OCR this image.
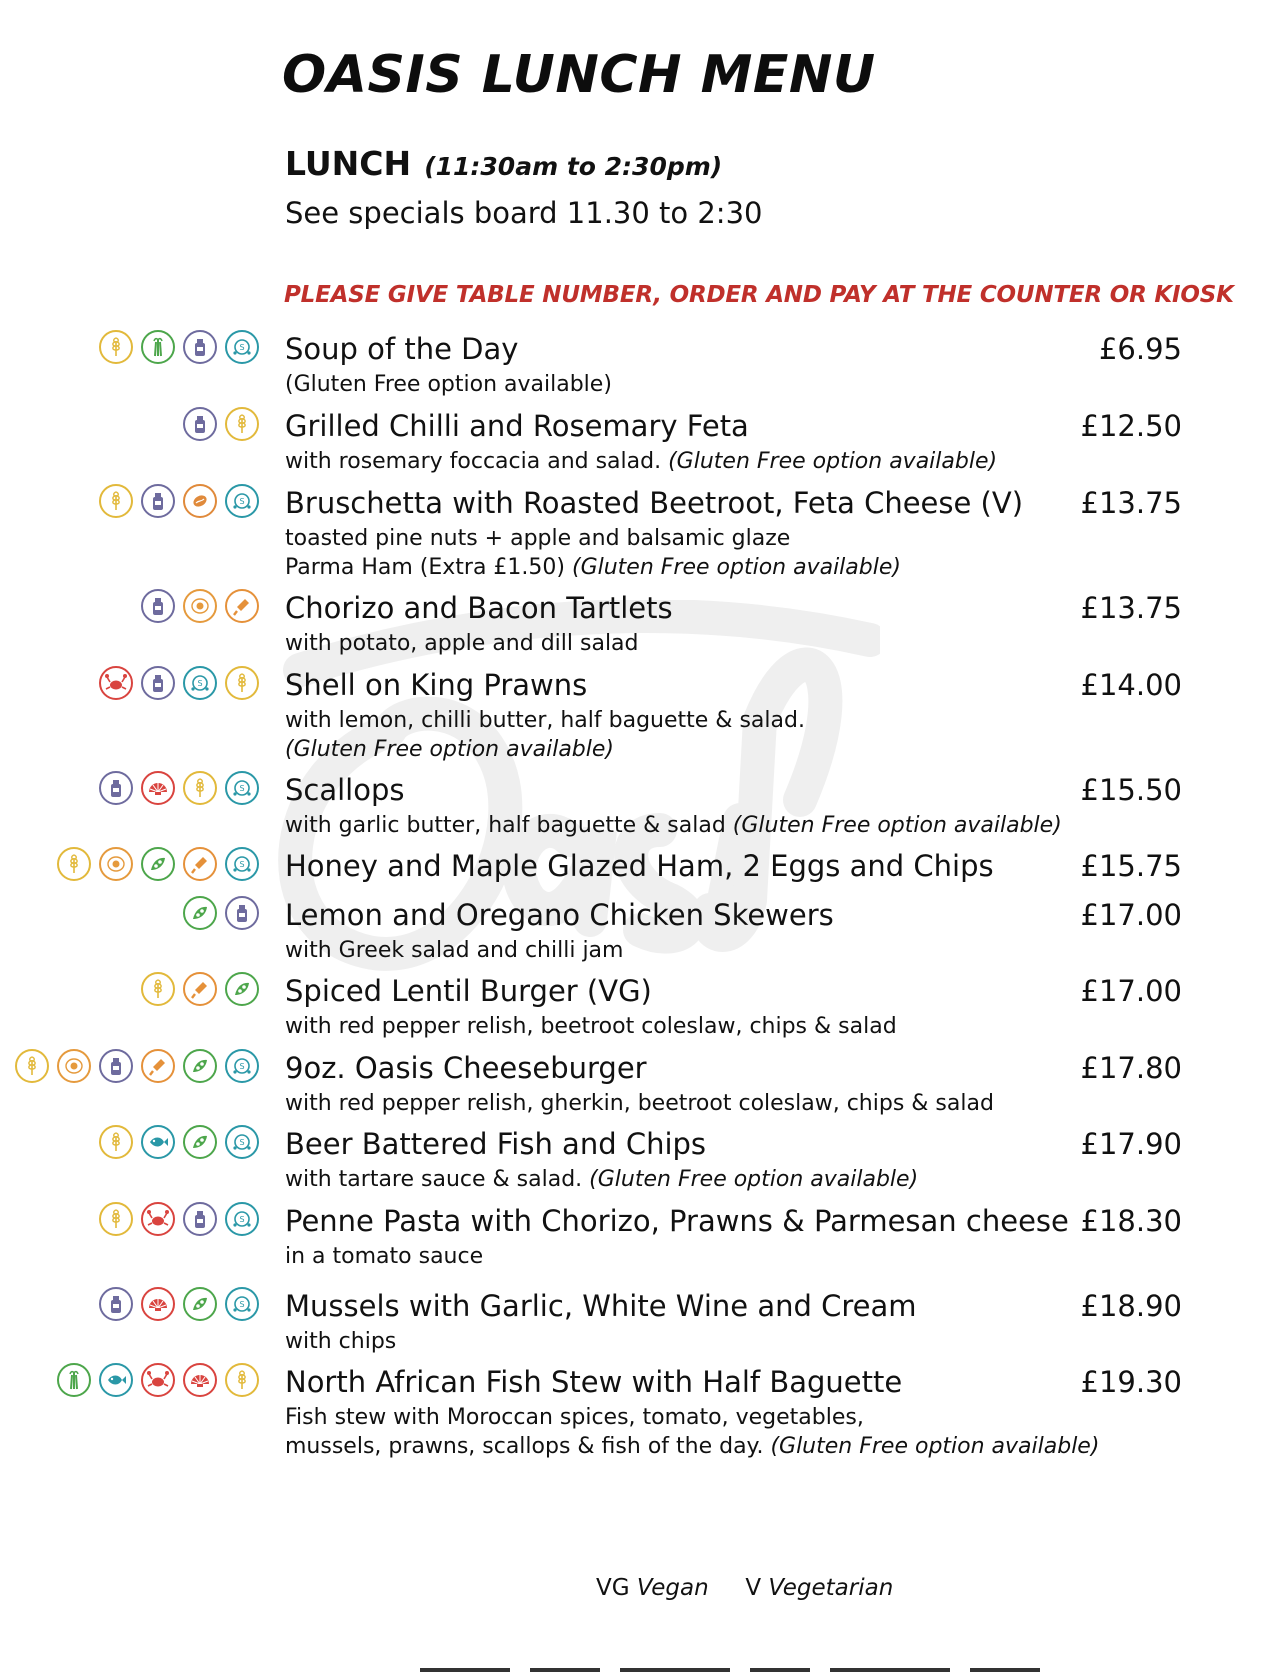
OASIS LUNCH MENU
LUNCH (11:30am to 2:30pm)
See specials board 11.30 to 2:30
PLEASE GIVE TABLE NUMBER, ORDER AND PAY AT THE COUNTER OR KIOSK
S Soup of the Day	£6.95
(Gluten Free option available)
Grilled Chilli and Rosemary Feta	£12.50
with rosemary foccacia and salad. (Gluten Free option available)
S Bruschetta with Roasted Beetroot, Feta Cheese (V) £13.75
toasted pine nuts + apple and balsamic glaze
Parma Ham (Extra £1.50) (Gluten Free option available)
Chorizo and Bacon Tartlets	£13.75
with potato, apple and dill salad
S	Shell on King Prawns	£14.00
with lemon, chilli butter, half baguette & salad.
(Gluten Free option available)
S Scallops	£15.50
with garlic butter, half baguette & salad (Gluten Free option available)
S Honey and Maple Glazed Ham, 2 Eggs and Chips	£15.75
Lemon and Oregano Chicken Skewers	£17.00
with Greek salad and chilli jam
Spiced Lentil Burger (VG)	£17.00
with red pepper relish, beetroot coleslaw, chips & salad
S 9oz. Oasis Cheeseburger	£17.80
with red pepper relish, gherkin, beetroot coleslaw, chips & salad
S Beer Battered Fish and Chips	£17.90
with tartare sauce & salad. (Gluten Free option available)
S Penne Pasta with Chorizo, Prawns & Parmesan cheese £18.30
in a tomato sauce
S Mussels with Garlic, White Wine and Cream	£18.90
with chips
North African Fish Stew with Half Baguette	£19.30
Fish stew with Moroccan spices, tomato, vegetables,
mussels, prawns, scallops & fish of the day. (Gluten Free option available)
VG Vegan V Vegetarian
